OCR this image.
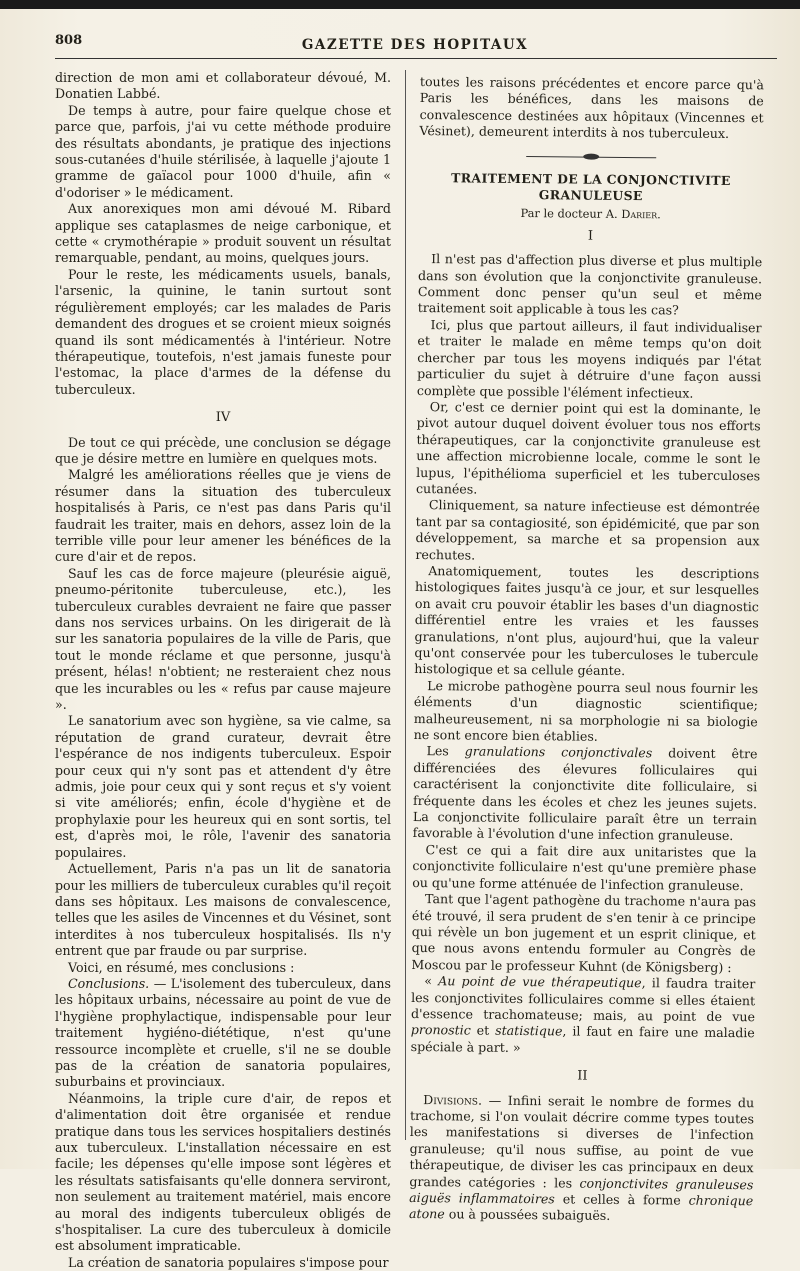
808	GAZETTE DES HOPITAUX

direction de mon ami et collaborateur dévoué, M. Donatien Labbé.

De temps à autre, pour faire quelque chose et parce que, parfois, j'ai vu cette méthode produire des résultats abondants, je pratique des injections sous-cutanées d'huile stérilisée, à laquelle j'ajoute 1 gramme de gaïacol pour 1000 d'huile, afin « d'odoriser » le médicament.

Aux anorexiques mon ami dévoué M. Ribard applique ses cataplasmes de neige carbonique, et cette « crymothérapie » produit souvent un résultat remarquable, pendant, au moins, quelques jours.

Pour le reste, les médicaments usuels, banals, l'arsenic, la quinine, le tanin surtout sont régulièrement employés; car les malades de Paris demandent des drogues et se croient mieux soignés quand ils sont médicamentés à l'intérieur. Notre thérapeutique, toutefois, n'est jamais funeste pour l'estomac, la place d'armes de la défense du tuberculeux.

IV

De tout ce qui précède, une conclusion se dégage que je désire mettre en lumière en quelques mots.

Malgré les améliorations réelles que je viens de résumer dans la situation des tuberculeux hospitalisés à Paris, ce n'est pas dans Paris qu'il faudrait les traiter, mais en dehors, assez loin de la terrible ville pour leur amener les bénéfices de la cure d'air et de repos.

Sauf les cas de force majeure (pleurésie aiguë, pneumo-péritonite tuberculeuse, etc.), les tuberculeux curables devraient ne faire que passer dans nos services urbains. On les dirigerait de là sur les sanatoria populaires de la ville de Paris, que tout le monde réclame et que personne, jusqu'à présent, hélas! n'obtient; ne resteraient chez nous que les incurables ou les « refus par cause majeure ».

Le sanatorium avec son hygiène, sa vie calme, sa réputation de grand curateur, devrait être l'espérance de nos indigents tuberculeux. Espoir pour ceux qui n'y sont pas et attendent d'y être admis, joie pour ceux qui y sont reçus et s'y voient si vite améliorés; enfin, école d'hygiène et de prophylaxie pour les heureux qui en sont sortis, tel est, d'après moi, le rôle, l'avenir des sanatoria populaires.

Actuellement, Paris n'a pas un lit de sanatoria pour les milliers de tuberculeux curables qu'il reçoit dans ses hôpitaux. Les maisons de convalescence, telles que les asiles de Vincennes et du Vésinet, sont interdites à nos tuberculeux hospitalisés. Ils n'y entrent que par fraude ou par surprise.

Voici, en résumé, mes conclusions :

Conclusions. — L'isolement des tuberculeux, dans les hôpitaux urbains, nécessaire au point de vue de l'hygiène prophylactique, indispensable pour leur traitement hygiéno-diététique, n'est qu'une ressource incomplète et cruelle, s'il ne se double pas de la création de sanatoria populaires, suburbains et provinciaux.

Néanmoins, la triple cure d'air, de repos et d'alimentation doit être organisée et rendue pratique dans tous les services hospitaliers destinés aux tuberculeux. L'installation nécessaire en est facile; les dépenses qu'elle impose sont légères et les résultats satisfaisants qu'elle donnera serviront, non seulement au traitement matériel, mais encore au moral des indigents tuberculeux obligés de s'hospitaliser. La cure des tuberculeux à domicile est absolument impraticable.

La création de sanatoria populaires s'impose pour

toutes les raisons précédentes et encore parce qu'à Paris les bénéfices, dans les maisons de convalescence destinées aux hôpitaux (Vincennes et Vésinet), demeurent interdits à nos tuberculeux.

TRAITEMENT DE LA CONJONCTIVITE GRANULEUSE
Par le docteur A. Darier.
I

Il n'est pas d'affection plus diverse et plus multiple dans son évolution que la conjonctivite granuleuse. Comment donc penser qu'un seul et même traitement soit applicable à tous les cas?

Ici, plus que partout ailleurs, il faut individualiser et traiter le malade en même temps qu'on doit chercher par tous les moyens indiqués par l'état particulier du sujet à détruire d'une façon aussi complète que possible l'élément infectieux.

Or, c'est ce dernier point qui est la dominante, le pivot autour duquel doivent évoluer tous nos efforts thérapeutiques, car la conjonctivite granuleuse est une affection microbienne locale, comme le sont le lupus, l'épithélioma superficiel et les tuberculoses cutanées.

Cliniquement, sa nature infectieuse est démontrée tant par sa contagiosité, son épidémicité, que par son développement, sa marche et sa propension aux rechutes.

Anatomiquement, toutes les descriptions histologiques faites jusqu'à ce jour, et sur lesquelles on avait cru pouvoir établir les bases d'un diagnostic différentiel entre les vraies et les fausses granulations, n'ont plus, aujourd'hui, que la valeur qu'ont conservée pour les tuberculoses le tubercule histologique et sa cellule géante.

Le microbe pathogène pourra seul nous fournir les éléments d'un diagnostic scientifique; malheureusement, ni sa morphologie ni sa biologie ne sont encore bien établies.

Les granulations conjonctivales doivent être différenciées des élevures folliculaires qui caractérisent la conjonctivite dite folliculaire, si fréquente dans les écoles et chez les jeunes sujets. La conjonctivite folliculaire paraît être un terrain favorable à l'évolution d'une infection granuleuse.

C'est ce qui a fait dire aux unitaristes que la conjonctivite folliculaire n'est qu'une première phase ou qu'une forme atténuée de l'infection granuleuse.

Tant que l'agent pathogène du trachome n'aura pas été trouvé, il sera prudent de s'en tenir à ce principe qui révèle un bon jugement et un esprit clinique, et que nous avons entendu formuler au Congrès de Moscou par le professeur Kuhnt (de Königsberg) :

« Au point de vue thérapeutique, il faudra traiter les conjonctivites folliculaires comme si elles étaient d'essence trachomateuse; mais, au point de vue pronostic et statistique, il faut en faire une maladie spéciale à part. »

II

Divisions. — Infini serait le nombre de formes du trachome, si l'on voulait décrire comme types toutes les manifestations si diverses de l'infection granuleuse; qu'il nous suffise, au point de vue thérapeutique, de diviser les cas principaux en deux grandes catégories : les conjonctivites granuleuses aiguës inflammatoires et celles à forme chronique atone ou à poussées subaiguës.
